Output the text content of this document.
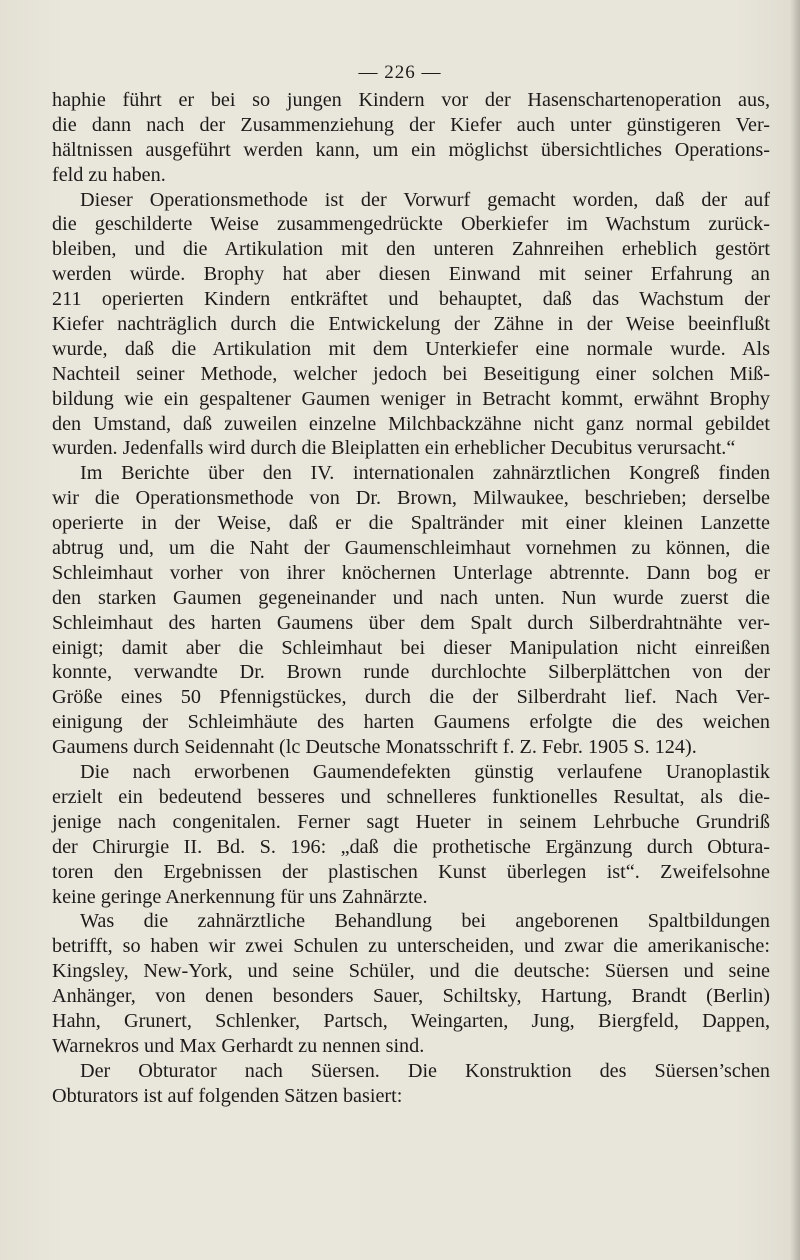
— 226 —
haphie führt er bei so jungen Kindern vor der Hasenschartenoperation aus,
die dann nach der Zusammenziehung der Kiefer auch unter günstigeren Ver-
hältnissen ausgeführt werden kann, um ein möglichst übersichtliches Operations-
feld zu haben.
Dieser Operationsmethode ist der Vorwurf gemacht worden, daß der auf
die geschilderte Weise zusammengedrückte Oberkiefer im Wachstum zurück-
bleiben, und die Artikulation mit den unteren Zahnreihen erheblich gestört
werden würde. Brophy hat aber diesen Einwand mit seiner Erfahrung an
211 operierten Kindern entkräftet und behauptet, daß das Wachstum der
Kiefer nachträglich durch die Entwickelung der Zähne in der Weise beeinflußt
wurde, daß die Artikulation mit dem Unterkiefer eine normale wurde. Als
Nachteil seiner Methode, welcher jedoch bei Beseitigung einer solchen Miß-
bildung wie ein gespaltener Gaumen weniger in Betracht kommt, erwähnt Brophy
den Umstand, daß zuweilen einzelne Milchbackzähne nicht ganz normal gebildet
wurden. Jedenfalls wird durch die Bleiplatten ein erheblicher Decubitus verursacht.“
Im Berichte über den IV. internationalen zahnärztlichen Kongreß finden
wir die Operationsmethode von Dr. Brown, Milwaukee, beschrieben; derselbe
operierte in der Weise, daß er die Spaltränder mit einer kleinen Lanzette
abtrug und, um die Naht der Gaumenschleimhaut vornehmen zu können, die
Schleimhaut vorher von ihrer knöchernen Unterlage abtrennte. Dann bog er
den starken Gaumen gegeneinander und nach unten. Nun wurde zuerst die
Schleimhaut des harten Gaumens über dem Spalt durch Silberdrahtnähte ver-
einigt; damit aber die Schleimhaut bei dieser Manipulation nicht einreißen
konnte, verwandte Dr. Brown runde durchlochte Silberplättchen von der
Größe eines 50 Pfennigstückes, durch die der Silberdraht lief. Nach Ver-
einigung der Schleimhäute des harten Gaumens erfolgte die des weichen
Gaumens durch Seidennaht (lc Deutsche Monatsschrift f. Z. Febr. 1905 S. 124).
Die nach erworbenen Gaumendefekten günstig verlaufene Uranoplastik
erzielt ein bedeutend besseres und schnelleres funktionelles Resultat, als die-
jenige nach congenitalen. Ferner sagt Hueter in seinem Lehrbuche Grundriß
der Chirurgie II. Bd. S. 196: „daß die prothetische Ergänzung durch Obtura-
toren den Ergebnissen der plastischen Kunst überlegen ist“. Zweifelsohne
keine geringe Anerkennung für uns Zahnärzte.
Was die zahnärztliche Behandlung bei angeborenen Spaltbildungen
betrifft, so haben wir zwei Schulen zu unterscheiden, und zwar die amerikanische:
Kingsley, New-York, und seine Schüler, und die deutsche: Süersen und seine
Anhänger, von denen besonders Sauer, Schiltsky, Hartung, Brandt (Berlin)
Hahn, Grunert, Schlenker, Partsch, Weingarten, Jung, Biergfeld, Dappen,
Warnekros und Max Gerhardt zu nennen sind.
Der Obturator nach Süersen. Die Konstruktion des Süersen’schen
Obturators ist auf folgenden Sätzen basiert:
